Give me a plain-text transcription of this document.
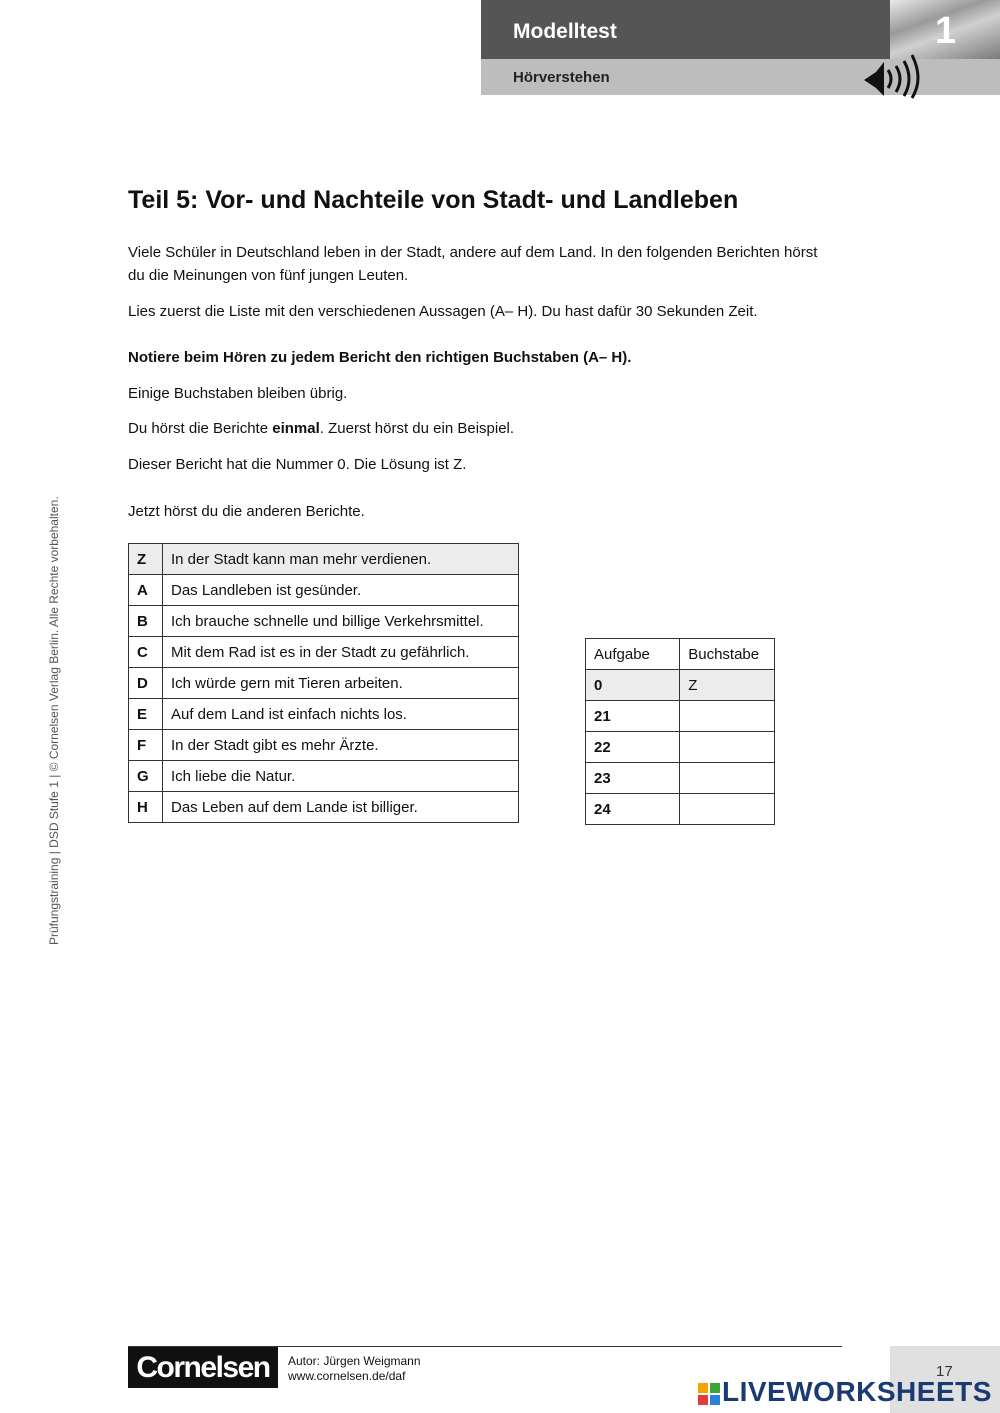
Modelltest	1
Hörverstehen
Prüfungstraining | DSD Stufe 1 | © Cornelsen Verlag Berlin. Alle Rechte vorbehalten.
Teil 5: Vor- und Nachteile von Stadt- und Landleben

Viele Schüler in Deutschland leben in der Stadt, andere auf dem Land. In den folgenden Berichten hörst du die Meinungen von fünf jungen Leuten.

Lies zuerst die Liste mit den verschiedenen Aussagen (A– H). Du hast dafür 30 Sekunden Zeit.

Notiere beim Hören zu jedem Bericht den richtigen Buchstaben (A– H).

Einige Buchstaben bleiben übrig.

Du hörst die Berichte einmal. Zuerst hörst du ein Beispiel.

Dieser Bericht hat die Nummer 0. Die Lösung ist Z.

Jetzt hörst du die anderen Berichte.

Z	In der Stadt kann man mehr verdienen.
A	Das Landleben ist gesünder.
B	Ich brauche schnelle und billige Verkehrsmittel.
C	Mit dem Rad ist es in der Stadt zu gefährlich.
D	Ich würde gern mit Tieren arbeiten.
E	Auf dem Land ist einfach nichts los.
F	In der Stadt gibt es mehr Ärzte.
G	Ich liebe die Natur.
H	Das Leben auf dem Lande ist billiger.
Aufgabe	Buchstabe
0	Z
21	
22	
23	
24	
Cornelsen	Autor: Jürgen Weigmann
www.cornelsen.de/daf	17
LIVEWORKSHEETS
